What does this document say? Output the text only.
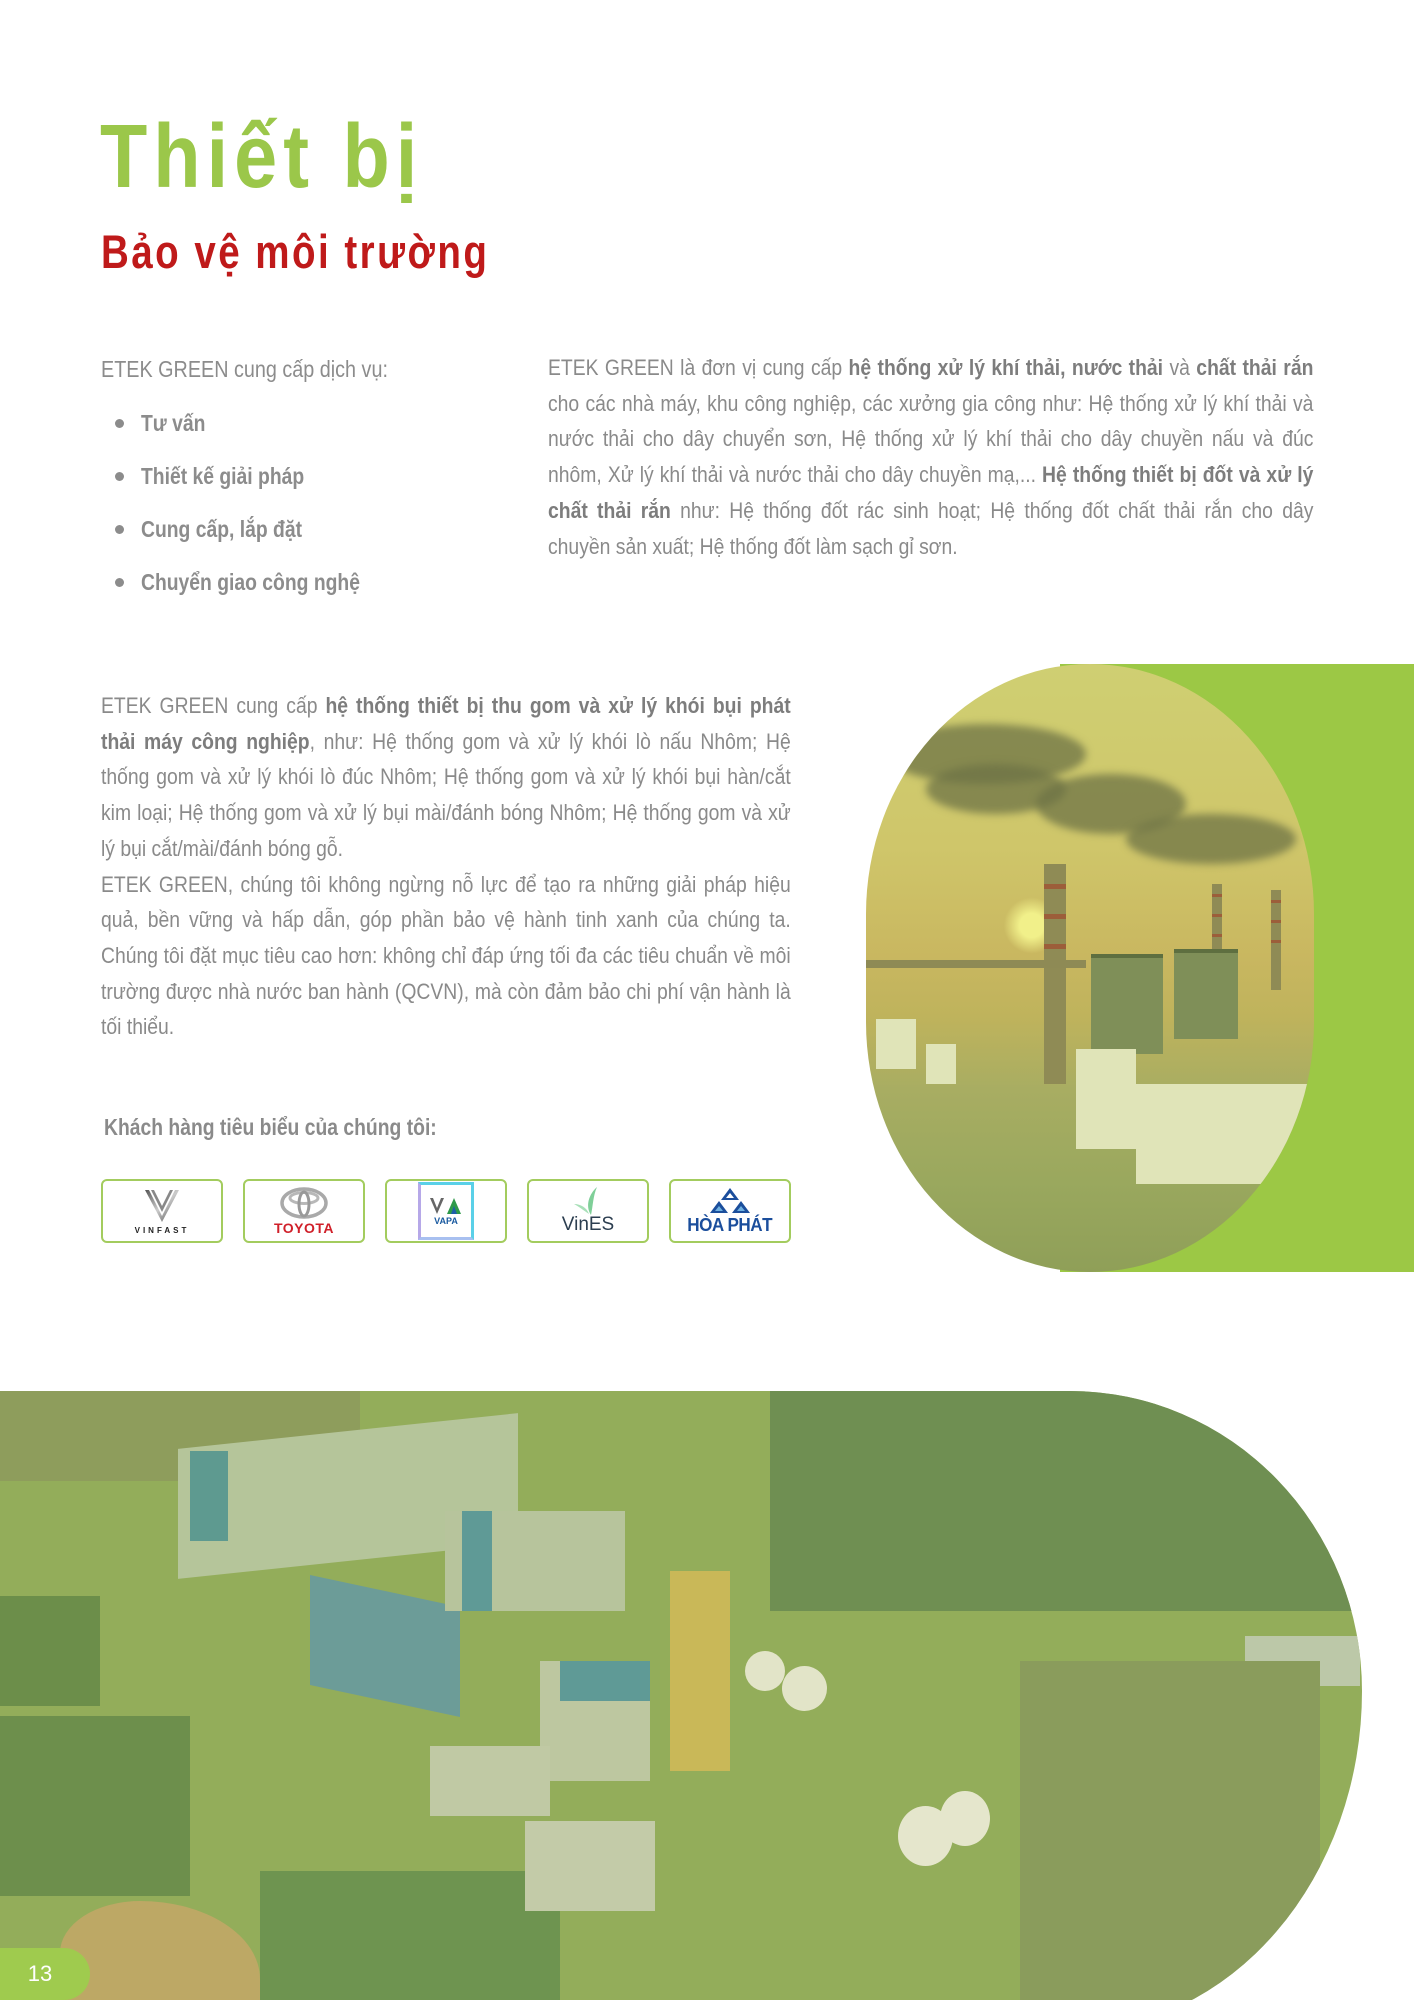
Thiết bị
Bảo vệ môi trường
ETEK GREEN cung cấp dịch vụ:
Tư vấn
Thiết kế giải pháp
Cung cấp, lắp đặt
Chuyển giao công nghệ
ETEK GREEN là đơn vị cung cấp hệ thống xử lý khí thải, nước thải và chất thải rắn cho các nhà máy, khu công nghiệp, các xưởng gia công như: Hệ thống xử lý khí thải và nước thải cho dây chuyển sơn, Hệ thống xử lý khí thải cho dây chuyền nấu và đúc nhôm, Xử lý khí thải và nước thải cho dây chuyền mạ,... Hệ thống thiết bị đốt và xử lý chất thải rắn như: Hệ thống đốt rác sinh hoạt; Hệ thống đốt chất thải rắn cho dây chuyền sản xuất; Hệ thống đốt làm sạch gỉ sơn.

ETEK GREEN cung cấp hệ thống thiết bị thu gom và xử lý khói bụi phát thải máy công nghiệp, như: Hệ thống gom và xử lý khói lò nấu Nhôm; Hệ thống gom và xử lý khói lò đúc Nhôm; Hệ thống gom và xử lý khói bụi hàn/cắt kim loại; Hệ thống gom và xử lý bụi mài/đánh bóng Nhôm; Hệ thống gom và xử lý bụi cắt/mài/đánh bóng gỗ.

ETEK GREEN, chúng tôi không ngừng nỗ lực để tạo ra những giải pháp hiệu quả, bền vững và hấp dẫn, góp phần bảo vệ hành tinh xanh của chúng ta. Chúng tôi đặt mục tiêu cao hơn: không chỉ đáp ứng tối đa các tiêu chuẩn về môi trường được nhà nước ban hành (QCVN), mà còn đảm bảo chi phí vận hành là tối thiểu.

Khách hàng tiêu biểu của chúng tôi:
VINFAST	TOYOTA	VAPA	VinES	HÒA PHÁT
13
